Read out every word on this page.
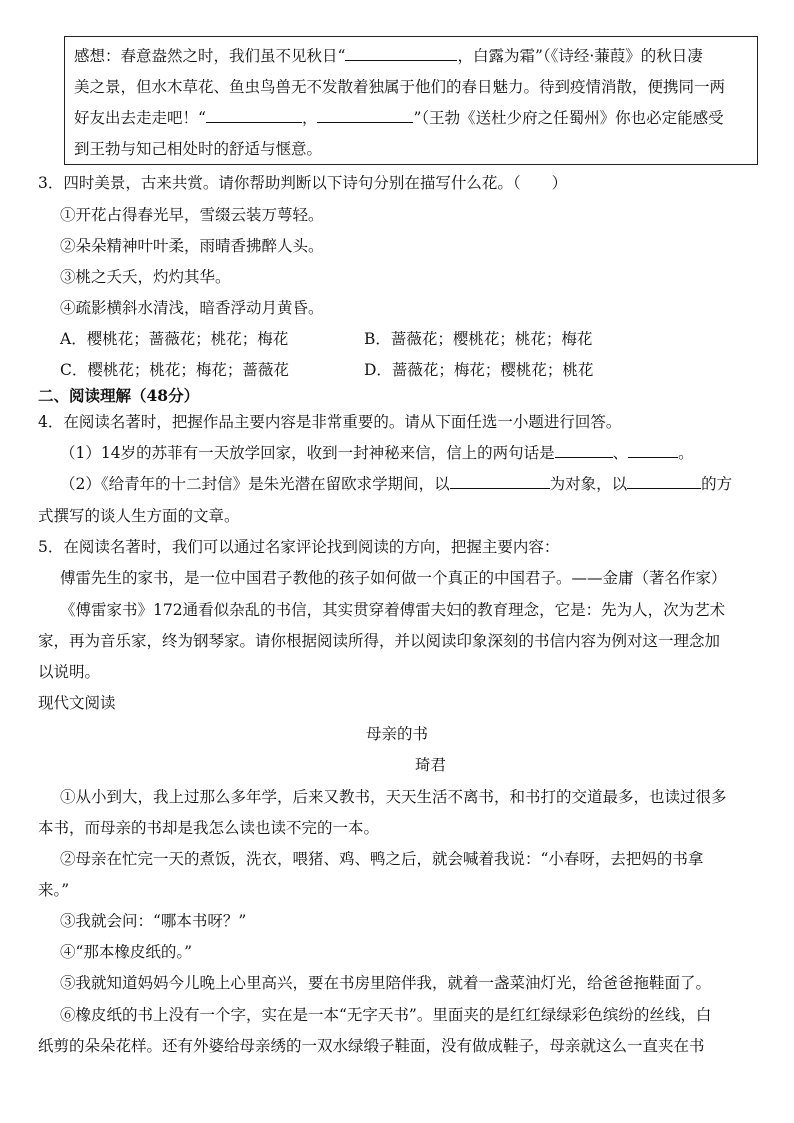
感想：春意盎然之时，我们虽不见秋日“	，白露为霜”（《诗经·蒹葭》的秋日凄
美之景，但水木草花、鱼虫鸟兽无不发散着独属于他们的春日魅力。待到疫情消散，便携同一两
好友出去走走吧！“	，	”（王勃《送杜少府之任蜀州》你也必定能感受
到王勃与知己相处时的舒适与惬意。
3．四时美景，古来共赏。请你帮助判断以下诗句分别在描写什么花。（　　）
①开花占得春光早，雪缀云装万萼轻。
②朵朵精神叶叶柔，雨晴香拂醉人头。
③桃之夭夭，灼灼其华。
④疏影横斜水清浅，暗香浮动月黄昏。
A．樱桃花；蔷薇花；桃花；梅花	B．蔷薇花；樱桃花；桃花；梅花
C．樱桃花；桃花；梅花；蔷薇花	D．蔷薇花；梅花；樱桃花；桃花
二、阅读理解（48分）
4．在阅读名著时，把握作品主要内容是非常重要的。请从下面任选一小题进行回答。
（1）14岁的苏菲有一天放学回家，收到一封神秘来信，信上的两句话是	、	。
（2）《给青年的十二封信》是朱光潜在留欧求学期间，以	为对象，以	的方
式撰写的谈人生方面的文章。
5．在阅读名著时，我们可以通过名家评论找到阅读的方向，把握主要内容：
傅雷先生的家书，是一位中国君子教他的孩子如何做一个真正的中国君子。——金庸（著名作家）
《傅雷家书》172通看似杂乱的书信，其实贯穿着傅雷夫妇的教育理念，它是：先为人，次为艺术
家，再为音乐家，终为钢琴家。请你根据阅读所得，并以阅读印象深刻的书信内容为例对这一理念加
以说明。
现代文阅读
母亲的书
琦君
①从小到大，我上过那么多年学，后来又教书，天天生活不离书，和书打的交道最多，也读过很多
本书，而母亲的书却是我怎么读也读不完的一本。
②母亲在忙完一天的煮饭，洗衣，喂猪、鸡、鸭之后，就会喊着我说：“小春呀，去把妈的书拿
来。”
③我就会问：“哪本书呀？”
④“那本橡皮纸的。”
⑤我就知道妈妈今儿晚上心里高兴，要在书房里陪伴我，就着一盏菜油灯光，给爸爸拖鞋面了。
⑥橡皮纸的书上没有一个字，实在是一本“无字天书”。里面夹的是红红绿绿彩色缤纷的丝线，白
纸剪的朵朵花样。还有外婆给母亲绣的一双水绿缎子鞋面，没有做成鞋子，母亲就这么一直夹在书
